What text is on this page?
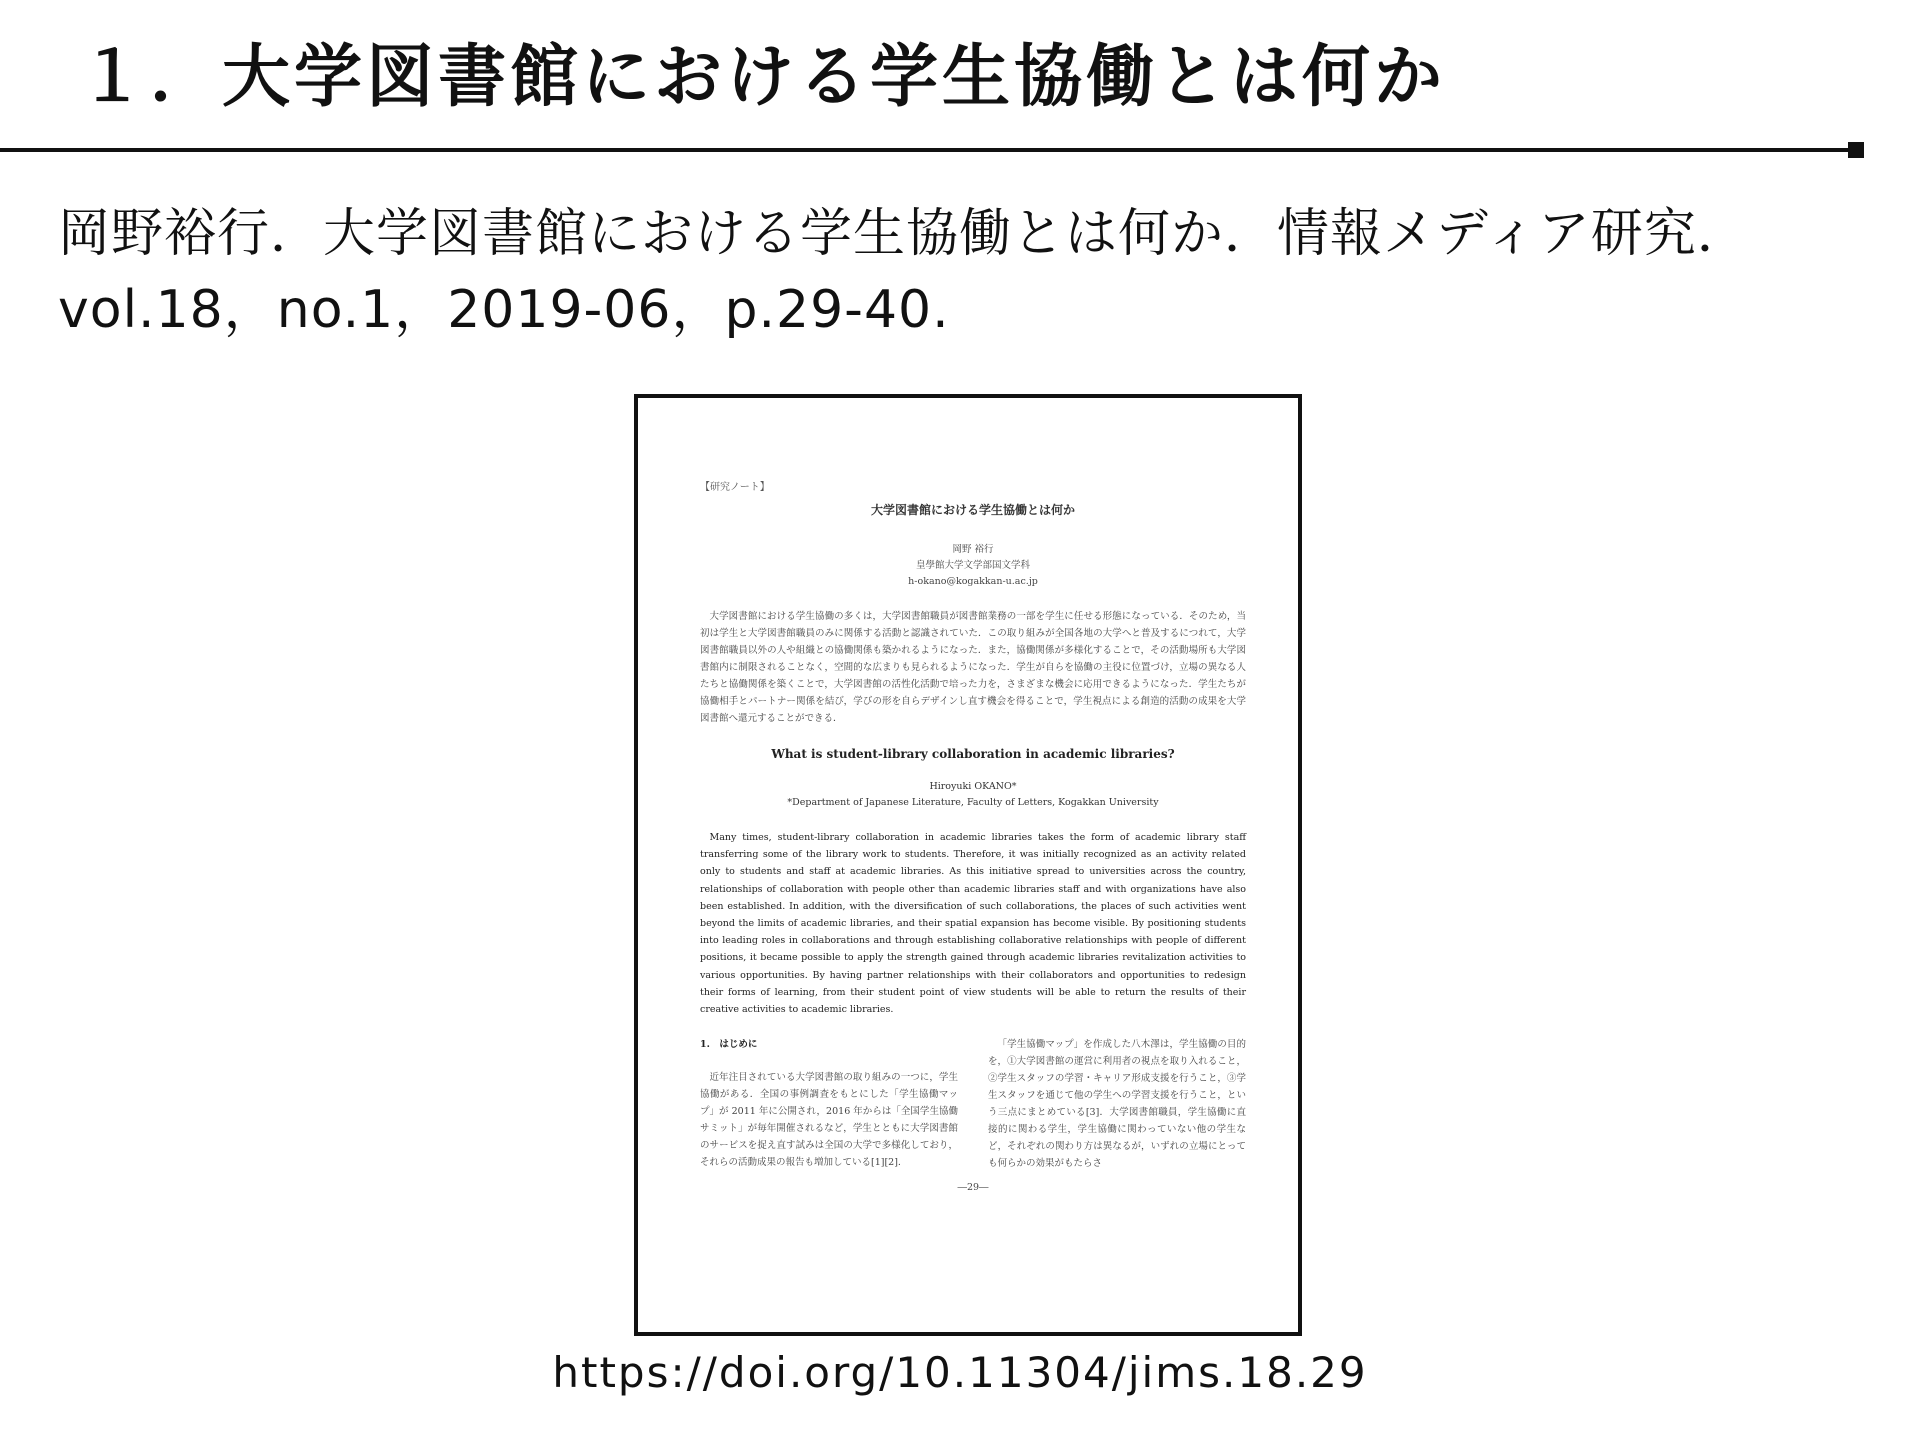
１．大学図書館における学生協働とは何か
岡野裕行．大学図書館における学生協働とは何か．情報メディア研究．
vol.18，no.1，2019-06，p.29-40.
【研究ノート】
大学図書館における学生協働とは何か
岡野 裕行
皇學館大学文学部国文学科
h-okano@kogakkan-u.ac.jp
大学図書館における学生協働の多くは，大学図書館職員が図書館業務の一部を学生に任せる形態になっている．そのため，当初は学生と大学図書館職員のみに関係する活動と認識されていた．この取り組みが全国各地の大学へと普及するにつれて，大学図書館職員以外の人や組織との協働関係も築かれるようになった．また，協働関係が多様化することで，その活動場所も大学図書館内に制限されることなく，空間的な広まりも見られるようになった．学生が自らを協働の主役に位置づけ，立場の異なる人たちと協働関係を築くことで，大学図書館の活性化活動で培った力を，さまざまな機会に応用できるようになった．学生たちが協働相手とパートナー関係を結び，学びの形を自らデザインし直す機会を得ることで，学生視点による創造的活動の成果を大学図書館へ還元することができる．
What is student-library collaboration in academic libraries?
Hiroyuki OKANO*
*Department of Japanese Literature, Faculty of Letters, Kogakkan University
Many times, student-library collaboration in academic libraries takes the form of academic library staff transferring some of the library work to students. Therefore, it was initially recognized as an activity related only to students and staff at academic libraries. As this initiative spread to universities across the country, relationships of collaboration with people other than academic libraries staff and with organizations have also been established. In addition, with the diversification of such collaborations, the places of such activities went beyond the limits of academic libraries, and their spatial expansion has become visible. By positioning students into leading roles in collaborations and through establishing collaborative relationships with people of different positions, it became possible to apply the strength gained through academic libraries revitalization activities to various opportunities. By having partner relationships with their collaborators and opportunities to redesign their forms of learning, from their student point of view students will be able to return the results of their creative activities to academic libraries.
1.　はじめに
近年注目されている大学図書館の取り組みの一つに，学生協働がある．全国の事例調査をもとにした「学生協働マップ」が 2011 年に公開され，2016 年からは「全国学生協働サミット」が毎年開催されるなど，学生とともに大学図書館のサービスを捉え直す試みは全国の大学で多様化しており，それらの活動成果の報告も増加している[1][2].
「学生協働マップ」を作成した八木澤は，学生協働の目的を，①大学図書館の運営に利用者の視点を取り入れること，②学生スタッフの学習・キャリア形成支援を行うこと，③学生スタッフを通じて他の学生への学習支援を行うこと，という三点にまとめている[3]．大学図書館職員，学生協働に直接的に関わる学生，学生協働に関わっていない他の学生など，それぞれの関わり方は異なるが，いずれの立場にとっても何らかの効果がもたらさ
―29―
https://doi.org/10.11304/jims.18.29
